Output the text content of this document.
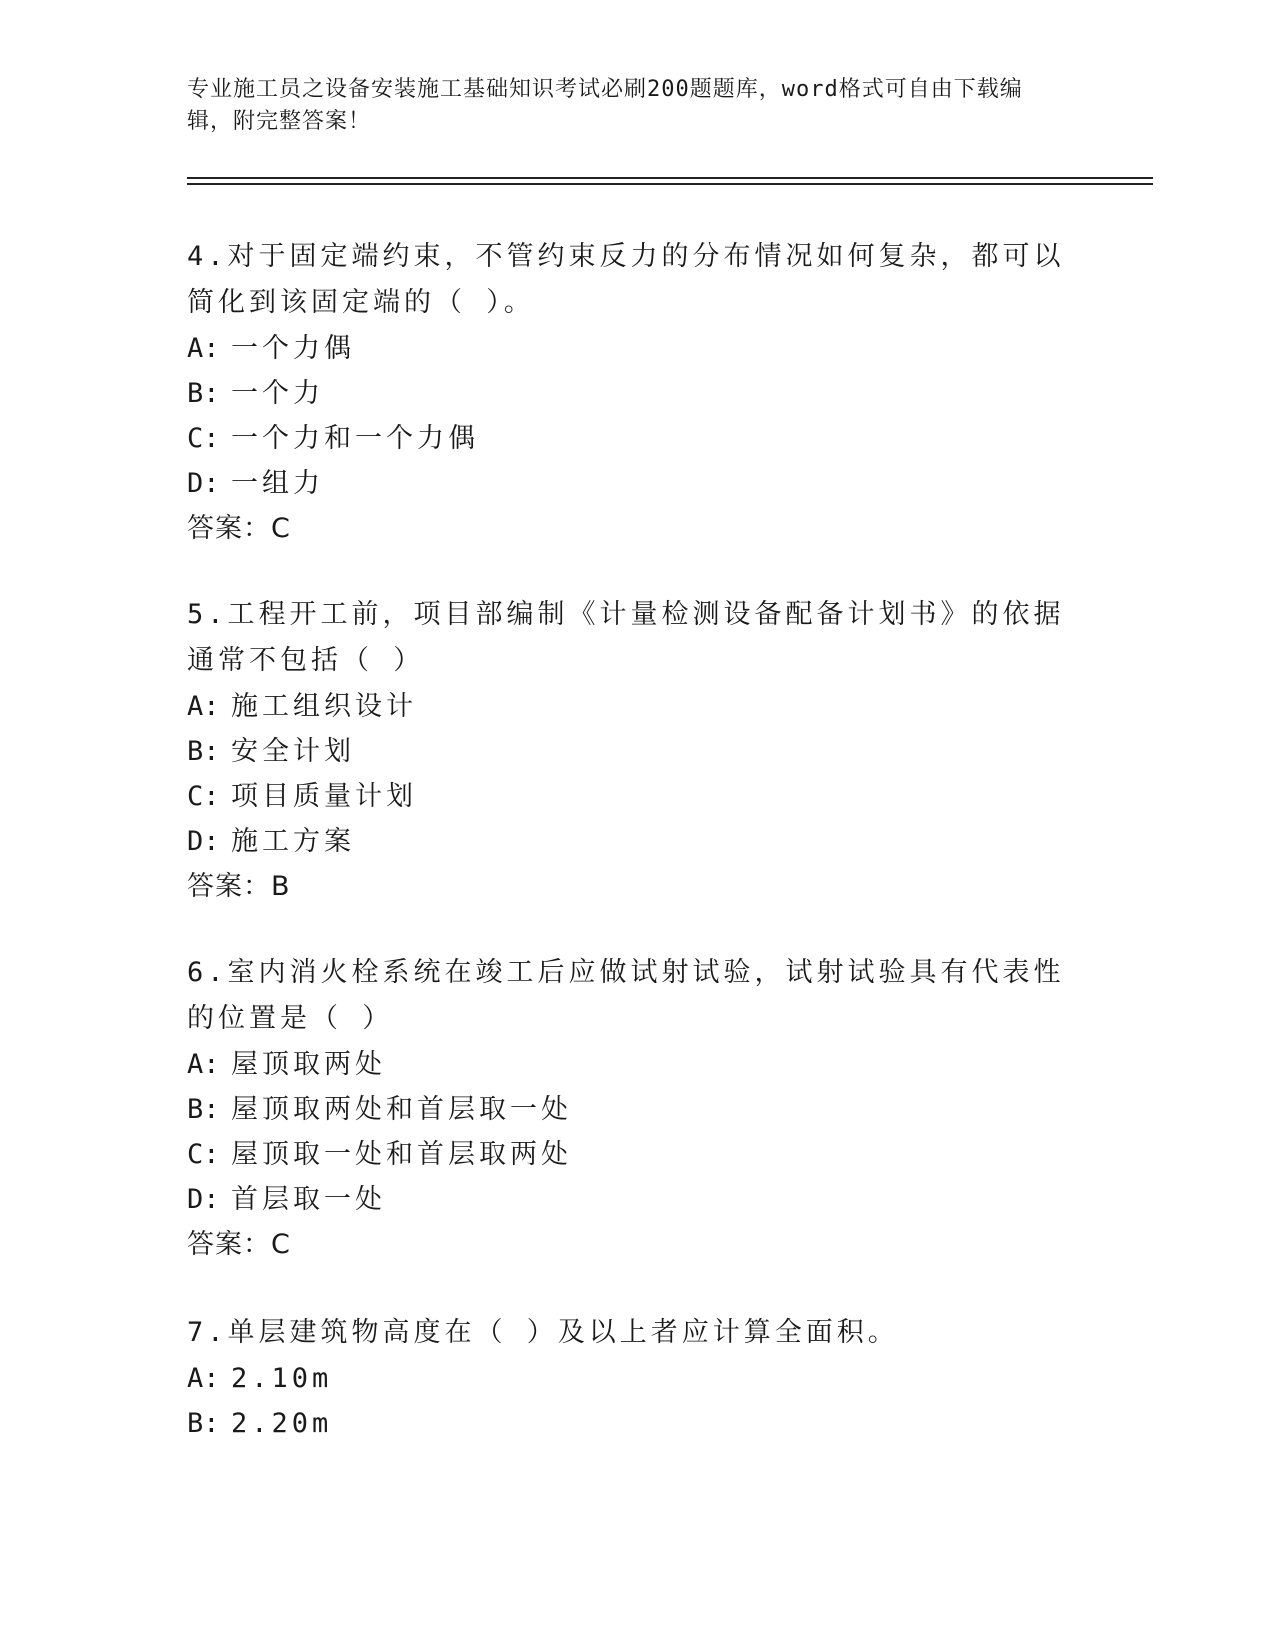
专业施工员之设备安装施工基础知识考试必刷200题题库，word格式可自由下载编辑，附完整答案！
4.对于固定端约束，不管约束反力的分布情况如何复杂，都可以简化到该固定端的（ ）。
A: 一个力偶
B: 一个力
C: 一个力和一个力偶
D: 一组力
答案：C
5.工程开工前，项目部编制《计量检测设备配备计划书》的依据通常不包括（ ）
A: 施工组织设计
B: 安全计划
C: 项目质量计划
D: 施工方案
答案：B
6.室内消火栓系统在竣工后应做试射试验，试射试验具有代表性的位置是（ ）
A: 屋顶取两处
B: 屋顶取两处和首层取一处
C: 屋顶取一处和首层取两处
D: 首层取一处
答案：C
7.单层建筑物高度在（ ）及以上者应计算全面积。
A: 2.10m
B: 2.20m
